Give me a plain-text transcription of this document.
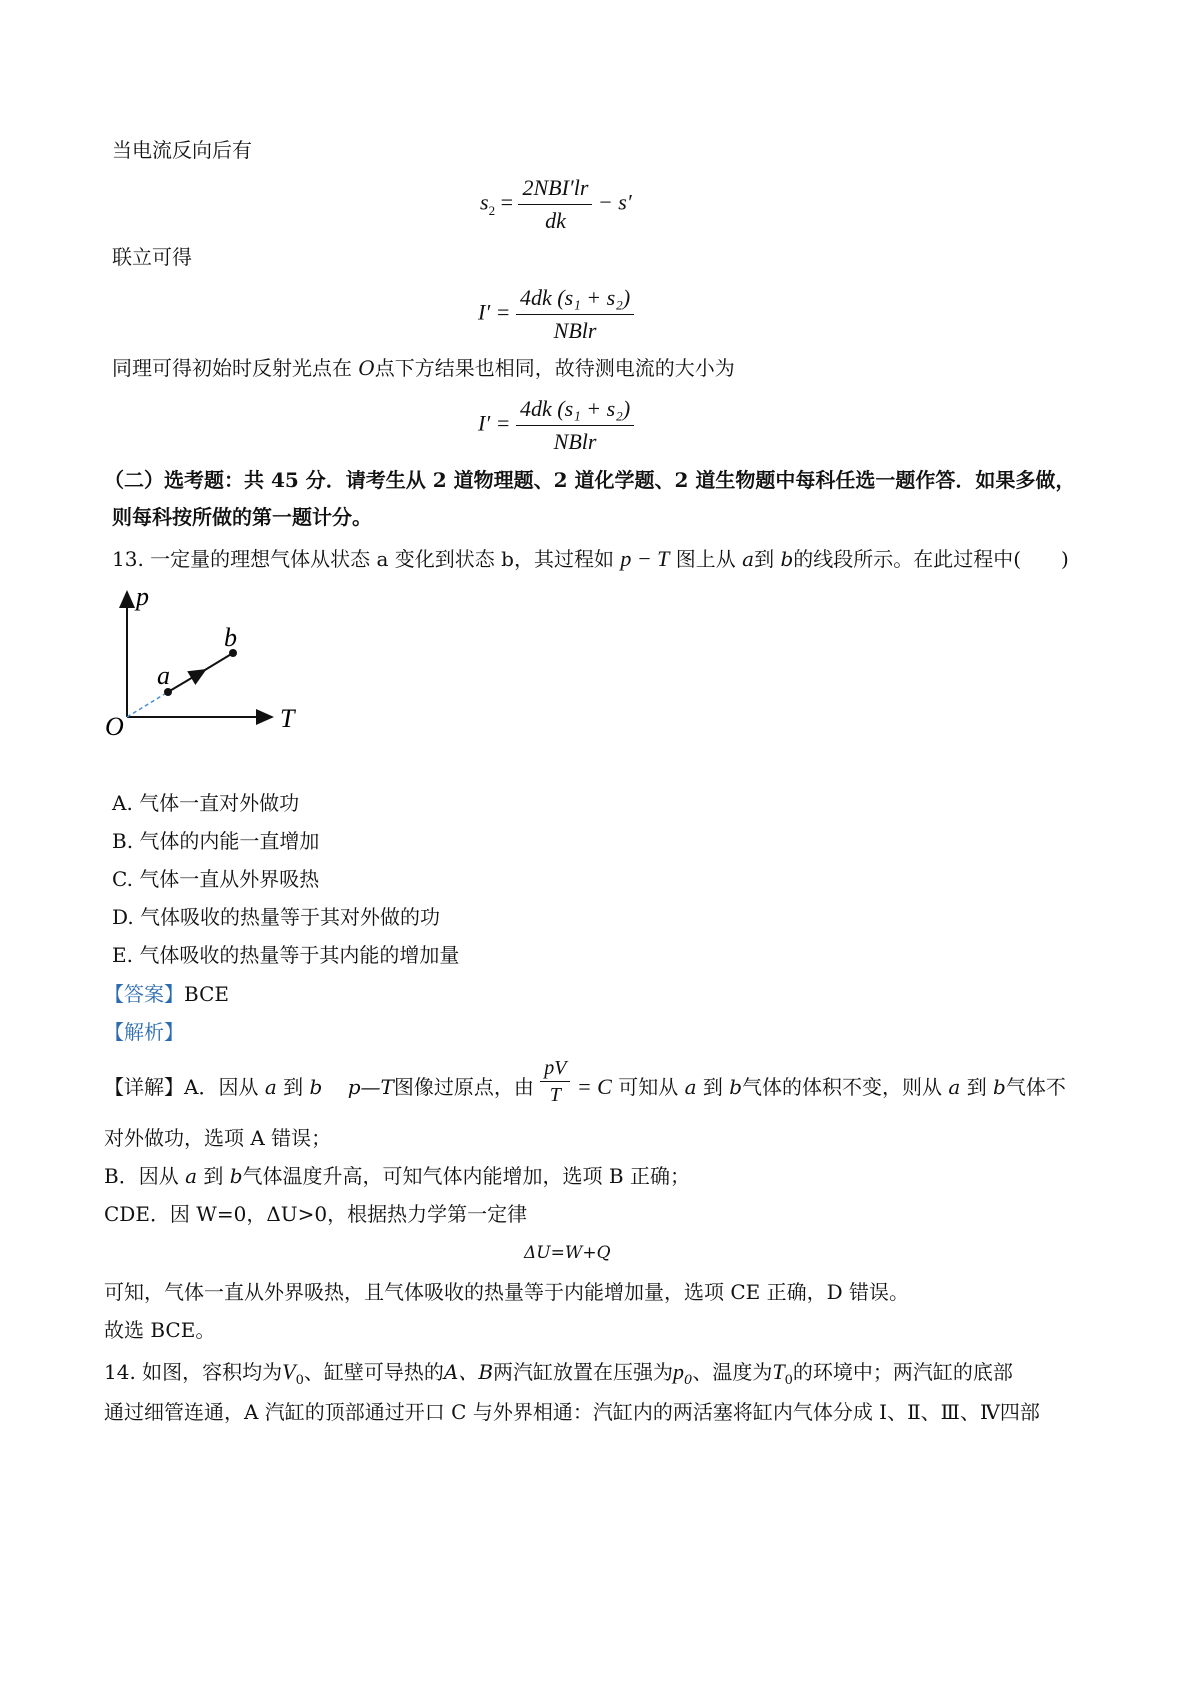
当电流反向后有
$s_2 = \frac{\text{2NBI′lr}}{dk} - s'$
联立可得
$I' = \frac{\text{4dk (s₁ + s₂)}}{\text{NBlr}}$
同理可得初始时反射光点在 O点下方结果也相同，故待测电流的大小为
$I' = \frac{\text{4dk (s₁ + s₂)}}{\text{NBlr}}$
（二）选考题：共 45 分．请考生从 2 道物理题、2 道化学题、2 道生物题中每科任选一题作答．如果多做，
则每科按所做的第一题计分。
13. 一定量的理想气体从状态 a 变化到状态 b，其过程如 p − T 图上从 a到 b的线段所示。在此过程中(　　)
p
T
O
a
b
A. 气体一直对外做功
B. 气体的内能一直增加
C. 气体一直从外界吸热
D. 气体吸收的热量等于其对外做的功
E. 气体吸收的热量等于其内能的增加量
【答案】BCE
【解析】
【详解】A．因从 a 到 b p—T图像过原点，由 $\frac{pV}{T} = C$ 可知从 a 到 b气体的体积不变，则从 a 到 b气体不
对外做功，选项 A 错误；
B．因从 a 到 b气体温度升高，可知气体内能增加，选项 B 正确；
CDE．因 W=0，ΔU>0，根据热力学第一定律
ΔU=W+Q
可知，气体一直从外界吸热，且气体吸收的热量等于内能增加量，选项 CE 正确，D 错误。
故选 BCE。
14. 如图，容积均为$V_0$、缸壁可导热的A、B两汽缸放置在压强为$p_0$、温度为$T_0$的环境中；两汽缸的底部
通过细管连通，A 汽缸的顶部通过开口 C 与外界相通：汽缸内的两活塞将缸内气体分成 Ⅰ、Ⅱ、Ⅲ、Ⅳ四部
